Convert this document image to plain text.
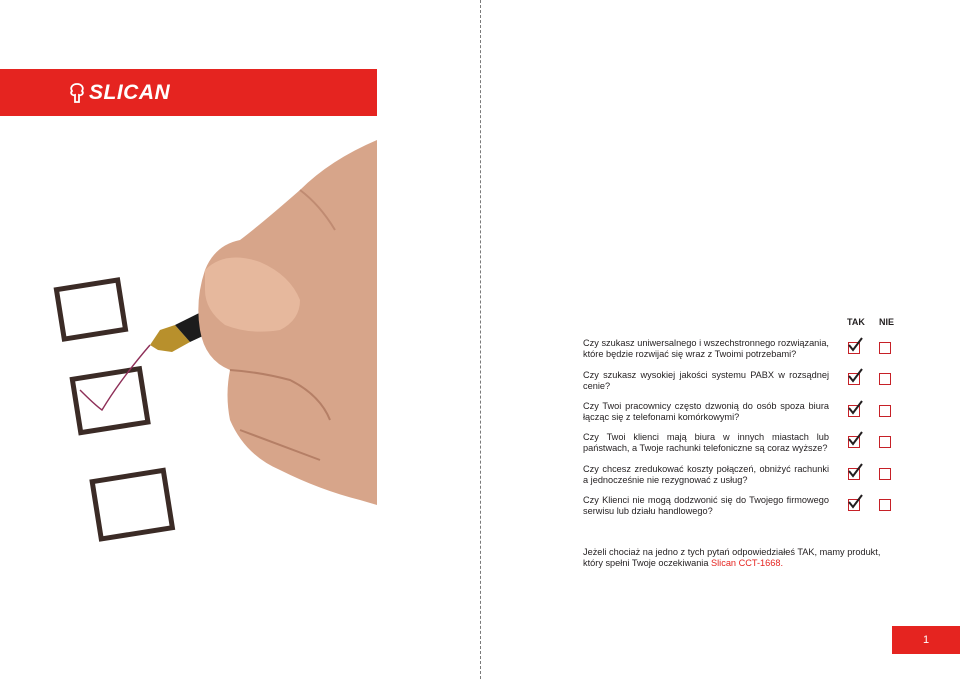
SLICAN
TAK NIE
Czy szukasz uniwersalnego i wszechstronnego rozwiązania, które będzie rozwijać się wraz z Twoimi potrzebami?
Czy szukasz wysokiej jakości systemu PABX w rozsądnej cenie?
Czy Twoi pracownicy często dzwonią do osób spoza biura łącząc się z telefonami komórkowymi?
Czy Twoi klienci mają biura w innych miastach lub państwach, a Twoje rachunki telefoniczne są coraz wyższe?
Czy chcesz zredukować koszty połączeń, obniżyć rachunki a jednocześnie nie rezygnować z usług?
Czy Klienci nie mogą dodzwonić się do Twojego firmowego serwisu lub działu handlowego?
Jeżeli chociaż na jedno z tych pytań odpowiedziałeś TAK, mamy produkt, który spełni Twoje oczekiwania Slican CCT-1668.
1
